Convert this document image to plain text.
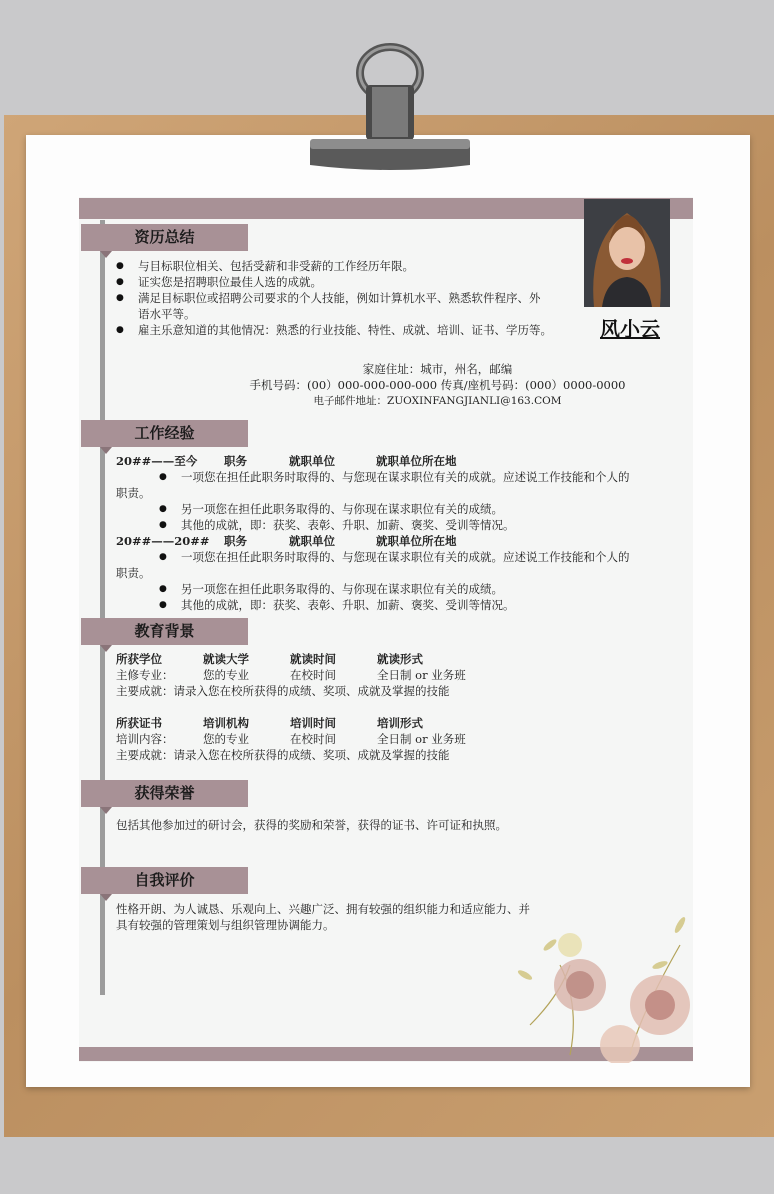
风小云
资历总结
● 与目标职位相关、包括受薪和非受薪的工作经历年限。
● 证实您是招聘职位最佳人选的成就。
● 满足目标职位或招聘公司要求的个人技能，例如计算机水平、熟悉软件程序、外
语水平等。
● 雇主乐意知道的其他情况：熟悉的行业技能、特性、成就、培训、证书、学历等。
家庭住址：城市，州名，邮编
手机号码：(00）000-000-000-000 传真/座机号码：(000）0000-0000
电子邮件地址：ZUOXINFANGJIANLI@163.COM
工作经验
20##——至今 职务	就职单位	就职单位所在地
● 一项您在担任此职务时取得的、与您现在谋求职位有关的成就。应述说工作技能和个人的
职责。
● 另一项您在担任此职务取得的、与你现在谋求职位有关的成绩。
● 其他的成就，即：获奖、表彰、升职、加薪、褒奖、受训等情况。
20##——20## 职务	就职单位	就职单位所在地
● 一项您在担任此职务时取得的、与您现在谋求职位有关的成就。应述说工作技能和个人的
职责。
● 另一项您在担任此职务取得的、与你现在谋求职位有关的成绩。
● 其他的成就，即：获奖、表彰、升职、加薪、褒奖、受训等情况。
教育背景
所获学位	就读大学	就读时间	就读形式
主修专业：	您的专业	在校时间	全日制 or 业务班
主要成就：请录入您在校所获得的成绩、奖项、成就及掌握的技能
所获证书	培训机构	培训时间	培训形式
培训内容：	您的专业	在校时间	全日制 or 业务班
主要成就：请录入您在校所获得的成绩、奖项、成就及掌握的技能
获得荣誉
包括其他参加过的研讨会，获得的奖励和荣誉，获得的证书、许可证和执照。
自我评价
性格开朗、为人诚恳、乐观向上、兴趣广泛、拥有较强的组织能力和适应能力、并
具有较强的管理策划与组织管理协调能力。
